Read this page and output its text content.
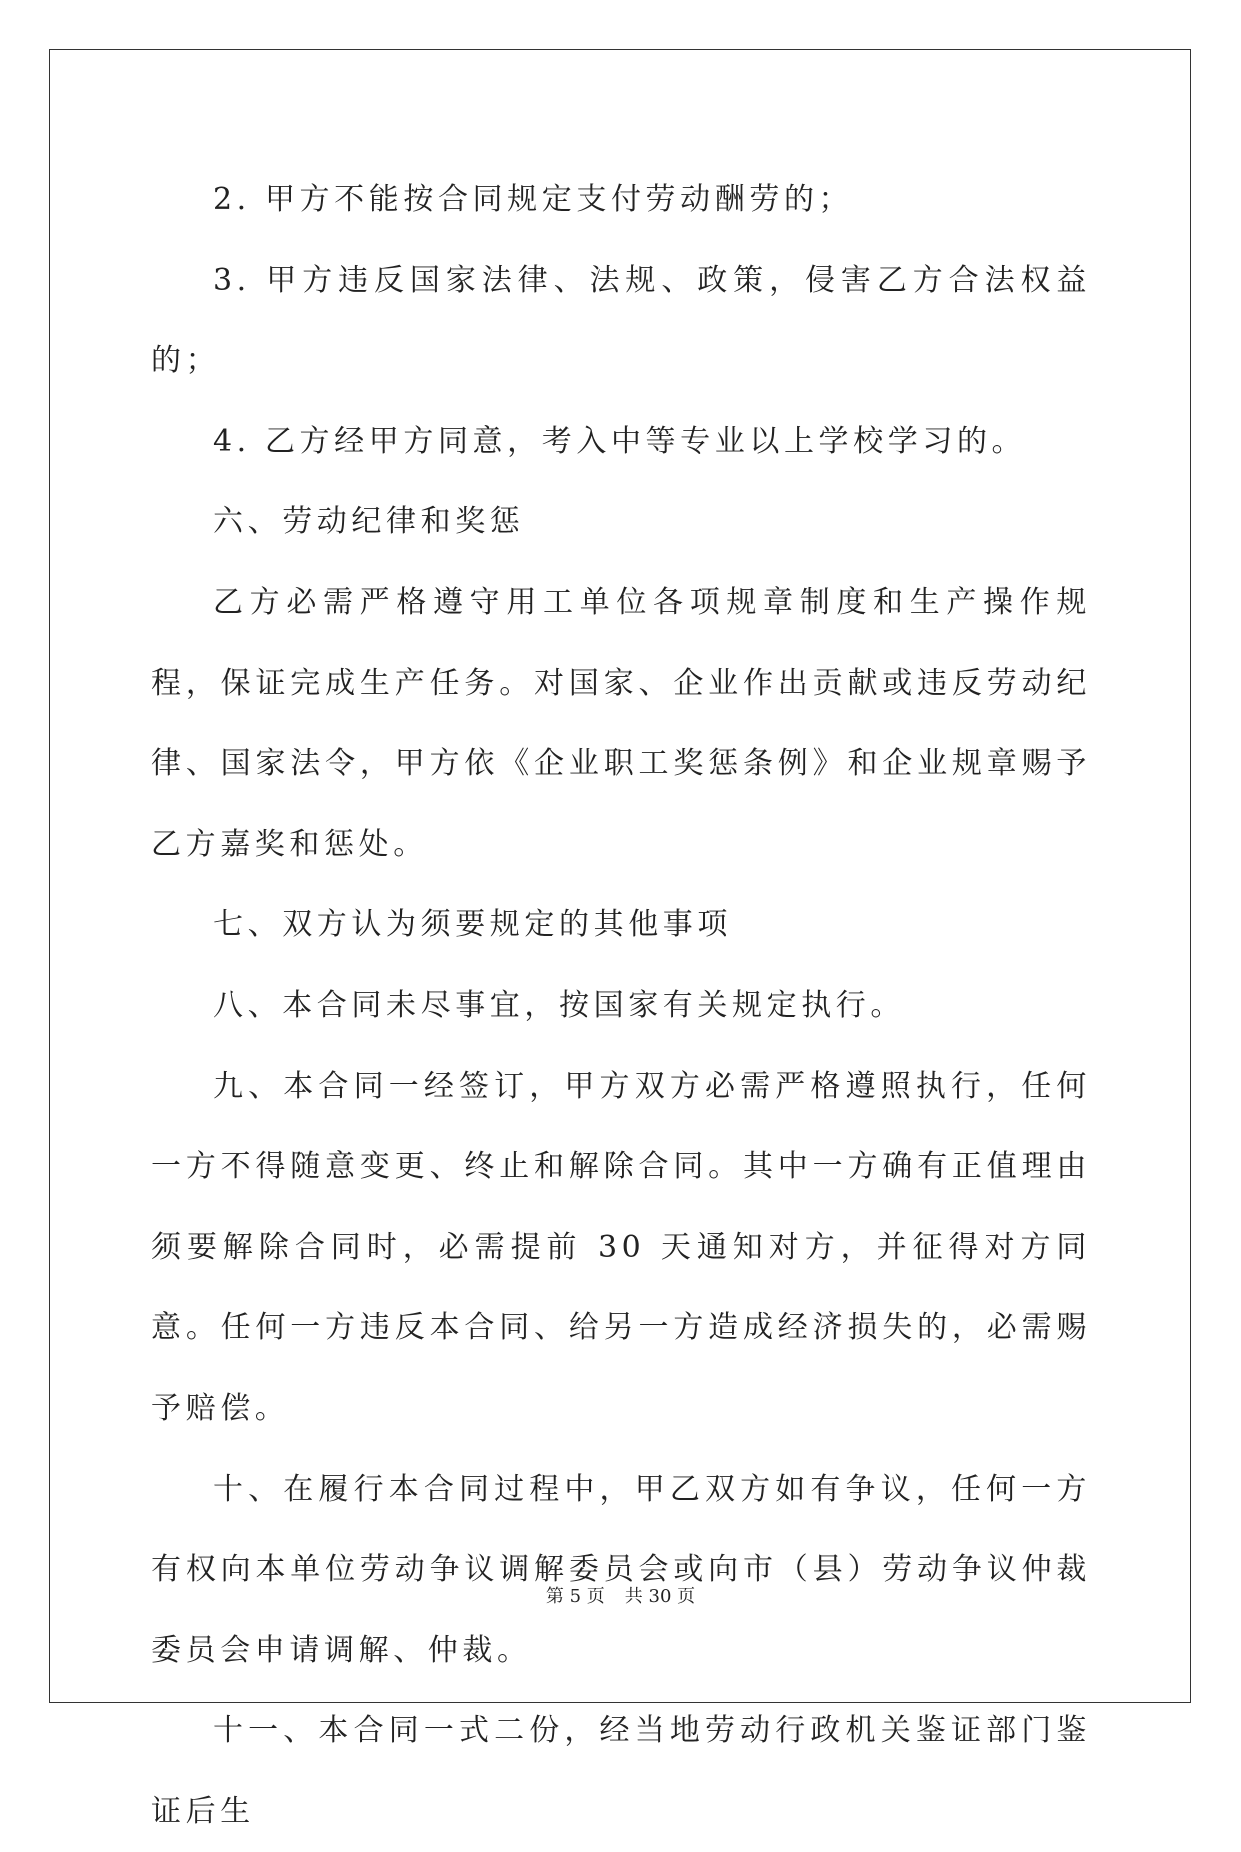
2. 甲方不能按合同规定支付劳动酬劳的；

3. 甲方违反国家法律、法规、政策，侵害乙方合法权益的；

4. 乙方经甲方同意，考入中等专业以上学校学习的。

六、劳动纪律和奖惩

乙方必需严格遵守用工单位各项规章制度和生产操作规程，保证完成生产任务。对国家、企业作出贡献或违反劳动纪律、国家法令，甲方依《企业职工奖惩条例》和企业规章赐予乙方嘉奖和惩处。

七、双方认为须要规定的其他事项

八、本合同未尽事宜，按国家有关规定执行。

九、本合同一经签订，甲方双方必需严格遵照执行，任何一方不得随意变更、终止和解除合同。其中一方确有正值理由须要解除合同时，必需提前 30 天通知对方，并征得对方同意。任何一方违反本合同、给另一方造成经济损失的，必需赐予赔偿。

十、在履行本合同过程中，甲乙双方如有争议，任何一方有权向本单位劳动争议调解委员会或向市（县）劳动争议仲裁委员会申请调解、仲裁。

十一、本合同一式二份，经当地劳动行政机关鉴证部门鉴证后生

第 5 页 共 30 页
